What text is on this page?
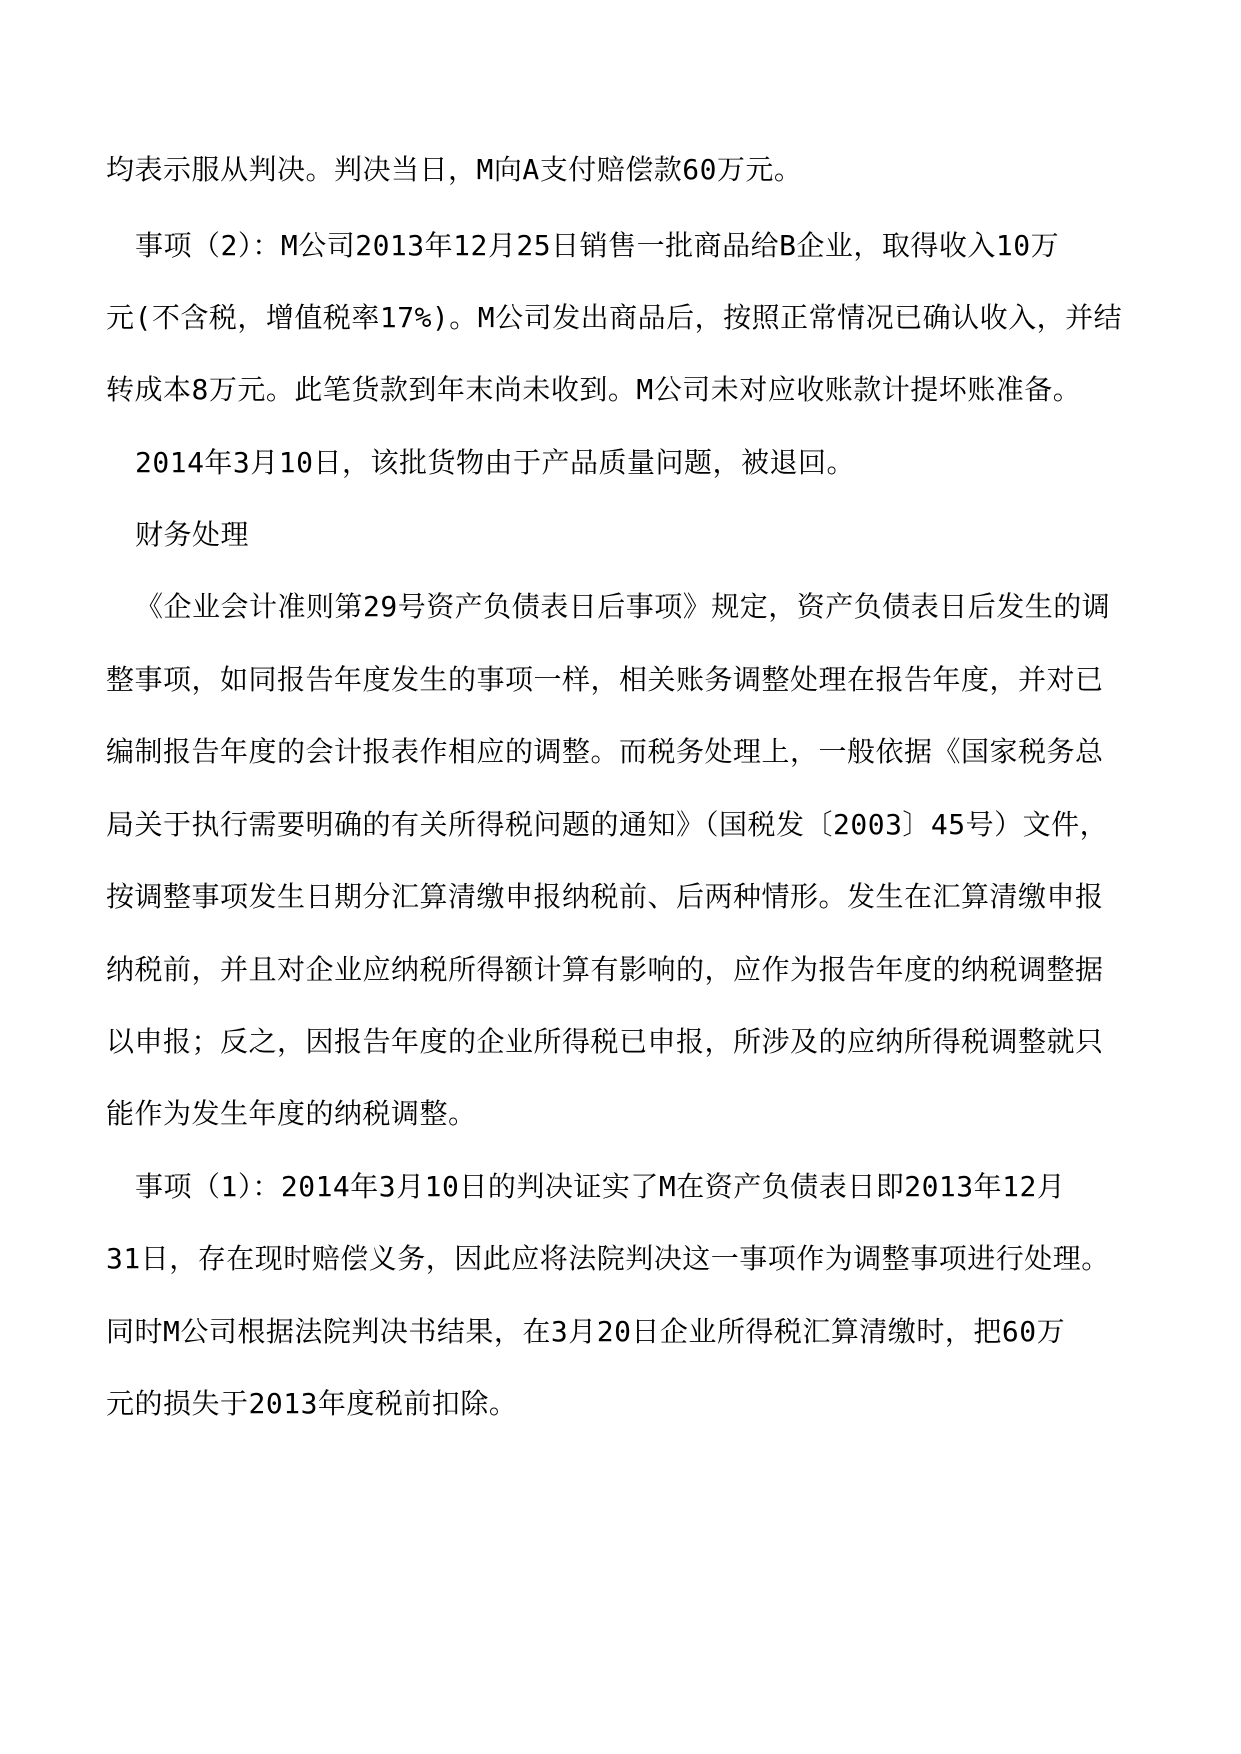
均表示服从判决。判决当日，M向A支付赔偿款60万元。
事项（2）：M公司2013年12月25日销售一批商品给B企业，取得收入10万
元(不含税，增值税率17%)。M公司发出商品后，按照正常情况已确认收入，并结
转成本8万元。此笔货款到年末尚未收到。M公司未对应收账款计提坏账准备。
2014年3月10日，该批货物由于产品质量问题，被退回。
财务处理
《企业会计准则第29号资产负债表日后事项》规定，资产负债表日后发生的调
整事项，如同报告年度发生的事项一样，相关账务调整处理在报告年度，并对已
编制报告年度的会计报表作相应的调整。而税务处理上，一般依据《国家税务总
局关于执行需要明确的有关所得税问题的通知》（国税发〔2003〕45号）文件，
按调整事项发生日期分汇算清缴申报纳税前、后两种情形。发生在汇算清缴申报
纳税前，并且对企业应纳税所得额计算有影响的，应作为报告年度的纳税调整据
以申报；反之，因报告年度的企业所得税已申报，所涉及的应纳所得税调整就只
能作为发生年度的纳税调整。
事项（1）：2014年3月10日的判决证实了M在资产负债表日即2013年12月
31日，存在现时赔偿义务，因此应将法院判决这一事项作为调整事项进行处理。
同时M公司根据法院判决书结果，在3月20日企业所得税汇算清缴时，把60万
元的损失于2013年度税前扣除。
